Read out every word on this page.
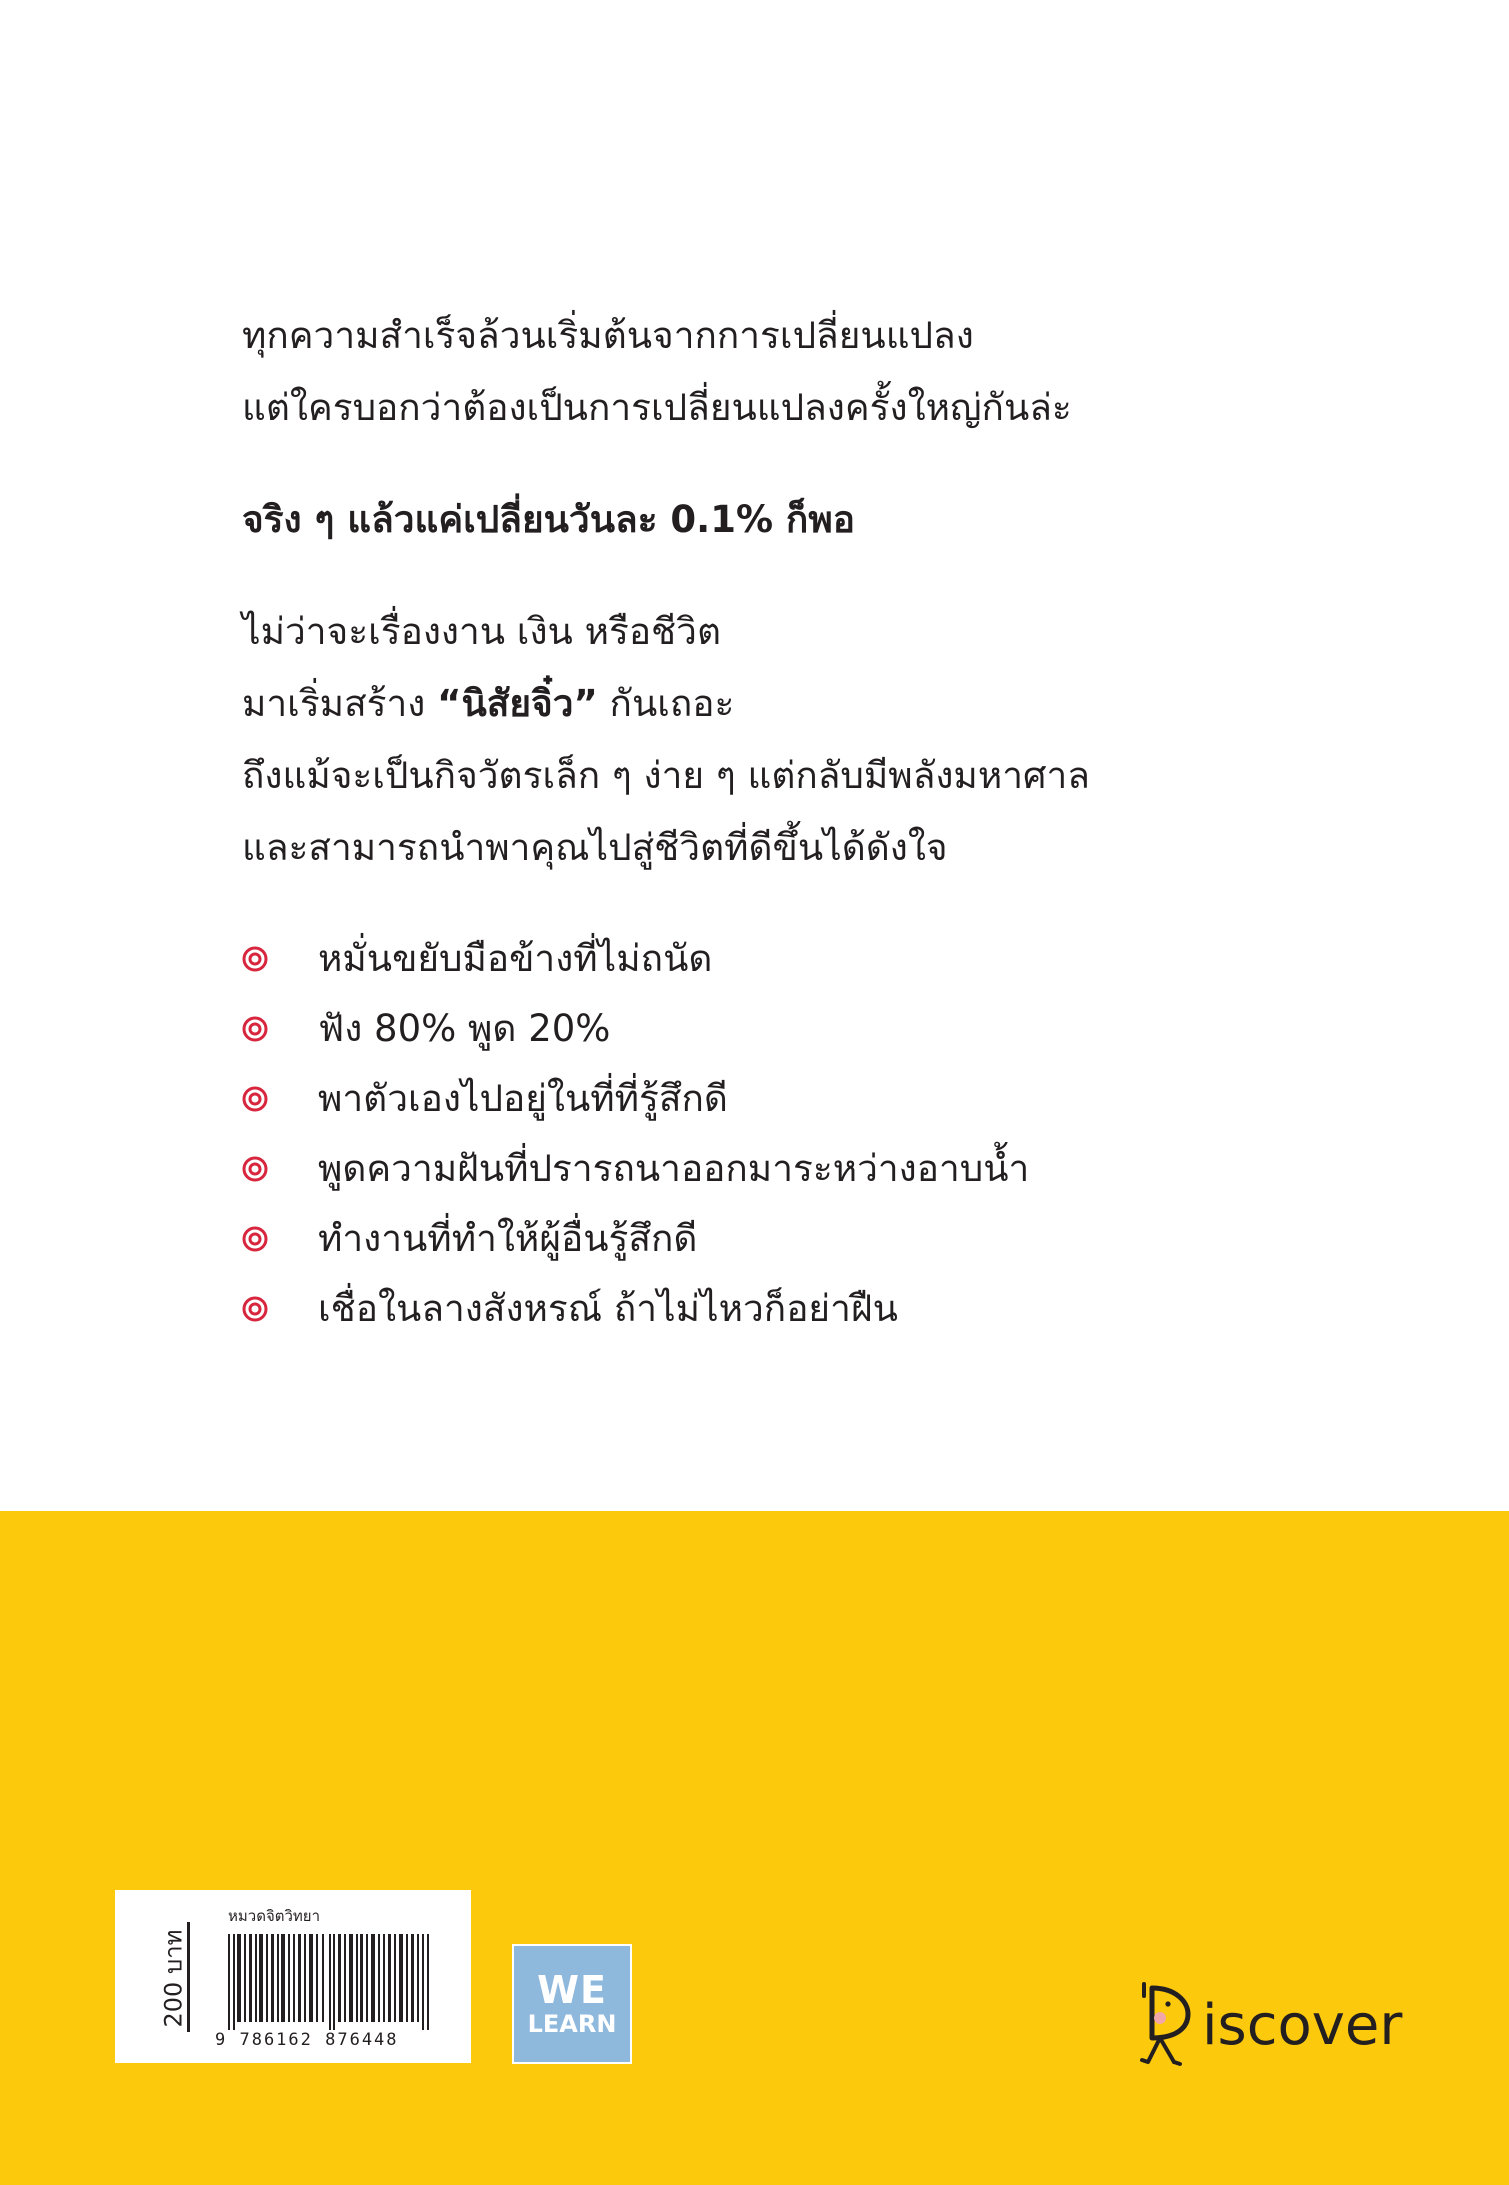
ทุกความสำเร็จล้วนเริ่มต้นจากการเปลี่ยนแปลง
แต่ใครบอกว่าต้องเป็นการเปลี่ยนแปลงครั้งใหญ่กันล่ะ
จริง ๆ แล้วแค่เปลี่ยนวันละ 0.1% ก็พอ
ไม่ว่าจะเรื่องงาน เงิน หรือชีวิต
มาเริ่มสร้าง “นิสัยจิ๋ว” กันเถอะ
ถึงแม้จะเป็นกิจวัตรเล็ก ๆ ง่าย ๆ แต่กลับมีพลังมหาศาล
และสามารถนำพาคุณไปสู่ชีวิตที่ดีขึ้นได้ดังใจ
หมั่นขยับมือข้างที่ไม่ถนัด
ฟัง 80% พูด 20%
พาตัวเองไปอยู่ในที่ที่รู้สึกดี
พูดความฝันที่ปรารถนาออกมาระหว่างอาบน้ำ
ทำงานที่ทำให้ผู้อื่นรู้สึกดี
เชื่อในลางสังหรณ์ ถ้าไม่ไหวก็อย่าฝืน
200 บาท
หมวดจิตวิทยา
9 786162 876448
WE
LEARN	iscover
